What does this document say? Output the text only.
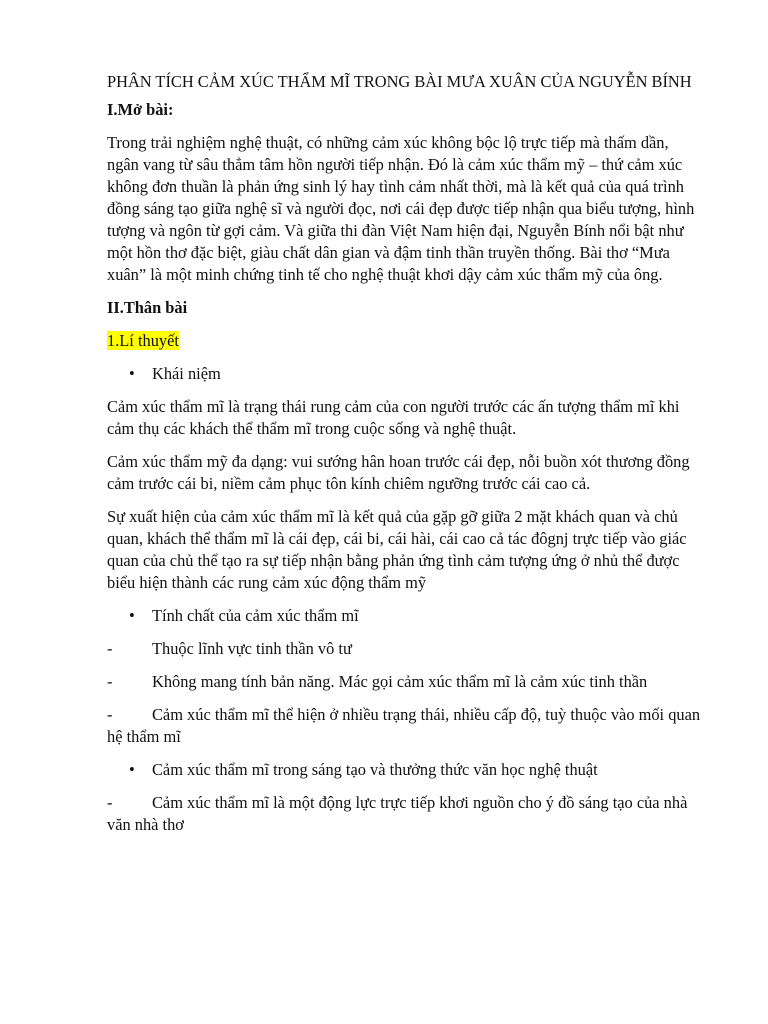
PHÂN TÍCH CẢM XÚC THẨM MĨ TRONG BÀI MƯA XUÂN CỦA NGUYỄN BÍNH
I.Mở bài:

Trong trải nghiệm nghệ thuật, có những cảm xúc không bộc lộ trực tiếp mà thấm dần, ngân vang từ sâu thẳm tâm hồn người tiếp nhận. Đó là cảm xúc thẩm mỹ – thứ cảm xúc không đơn thuần là phản ứng sinh lý hay tình cảm nhất thời, mà là kết quả của quá trình đồng sáng tạo giữa nghệ sĩ và người đọc, nơi cái đẹp được tiếp nhận qua biểu tượng, hình tượng và ngôn từ gợi cảm. Và giữa thi đàn Việt Nam hiện đại, Nguyễn Bính nổi bật như một hồn thơ đặc biệt, giàu chất dân gian và đậm tinh thần truyền thống. Bài thơ “Mưa xuân” là một minh chứng tinh tế cho nghệ thuật khơi dậy cảm xúc thẩm mỹ của ông.

II.Thân bài

1.Lí thuyết

• Khái niệm

Cảm xúc thẩm mĩ là trạng thái rung cảm của con người trước các ấn tượng thẩm mĩ khi cảm thụ các khách thể thẩm mĩ trong cuộc sống và nghệ thuật.

Cảm xúc thẩm mỹ đa dạng: vui sướng hân hoan trước cái đẹp, nỗi buồn xót thương đồng cảm trước cái bi, niềm cảm phục tôn kính chiêm ngưỡng trước cái cao cả.

Sự xuất hiện của cảm xúc thẩm mĩ là kết quả của gặp gỡ giữa 2 mặt khách quan và chủ quan, khách thể thẩm mĩ là cái đẹp, cái bi, cái hài, cái cao cả tác đôgnj trực tiếp vào giác quan của chủ thể tạo ra sự tiếp nhận bằng phản ứng tình cảm tượng ứng ở nhủ thể được biểu hiện thành các rung cảm xúc động thẩm mỹ

• Tính chất của cảm xúc thẩm mĩ
- Thuộc lĩnh vực tinh thần vô tư
- Không mang tính bản năng. Mác gọi cảm xúc thẩm mĩ là cảm xúc tinh thần
- Cảm xúc thẩm mĩ thể hiện ở nhiều trạng thái, nhiều cấp độ, tuỳ thuộc vào mối quan hệ thẩm mĩ
• Cảm xúc thẩm mĩ trong sáng tạo và thưởng thức văn học nghệ thuật
- Cảm xúc thẩm mĩ là một động lực trực tiếp khơi nguồn cho ý đồ sáng tạo của nhà văn nhà thơ
